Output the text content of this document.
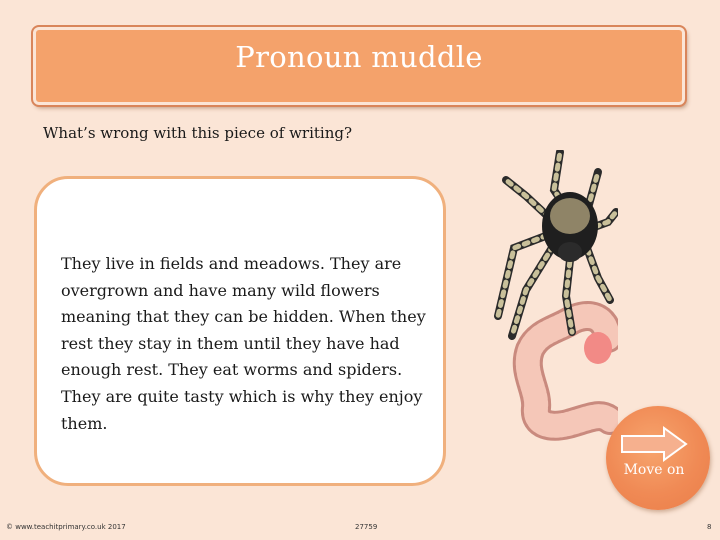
Pronoun muddle
What’s wrong with this piece of writing?

They live in fields and meadows. They are overgrown and have many wild flowers meaning that they can be hidden. When they rest they stay in them until they have had enough rest. They eat worms and spiders. They are quite tasty which is why they enjoy them.

Move on
© www.teachitprimary.co.uk 2017	27759	8
